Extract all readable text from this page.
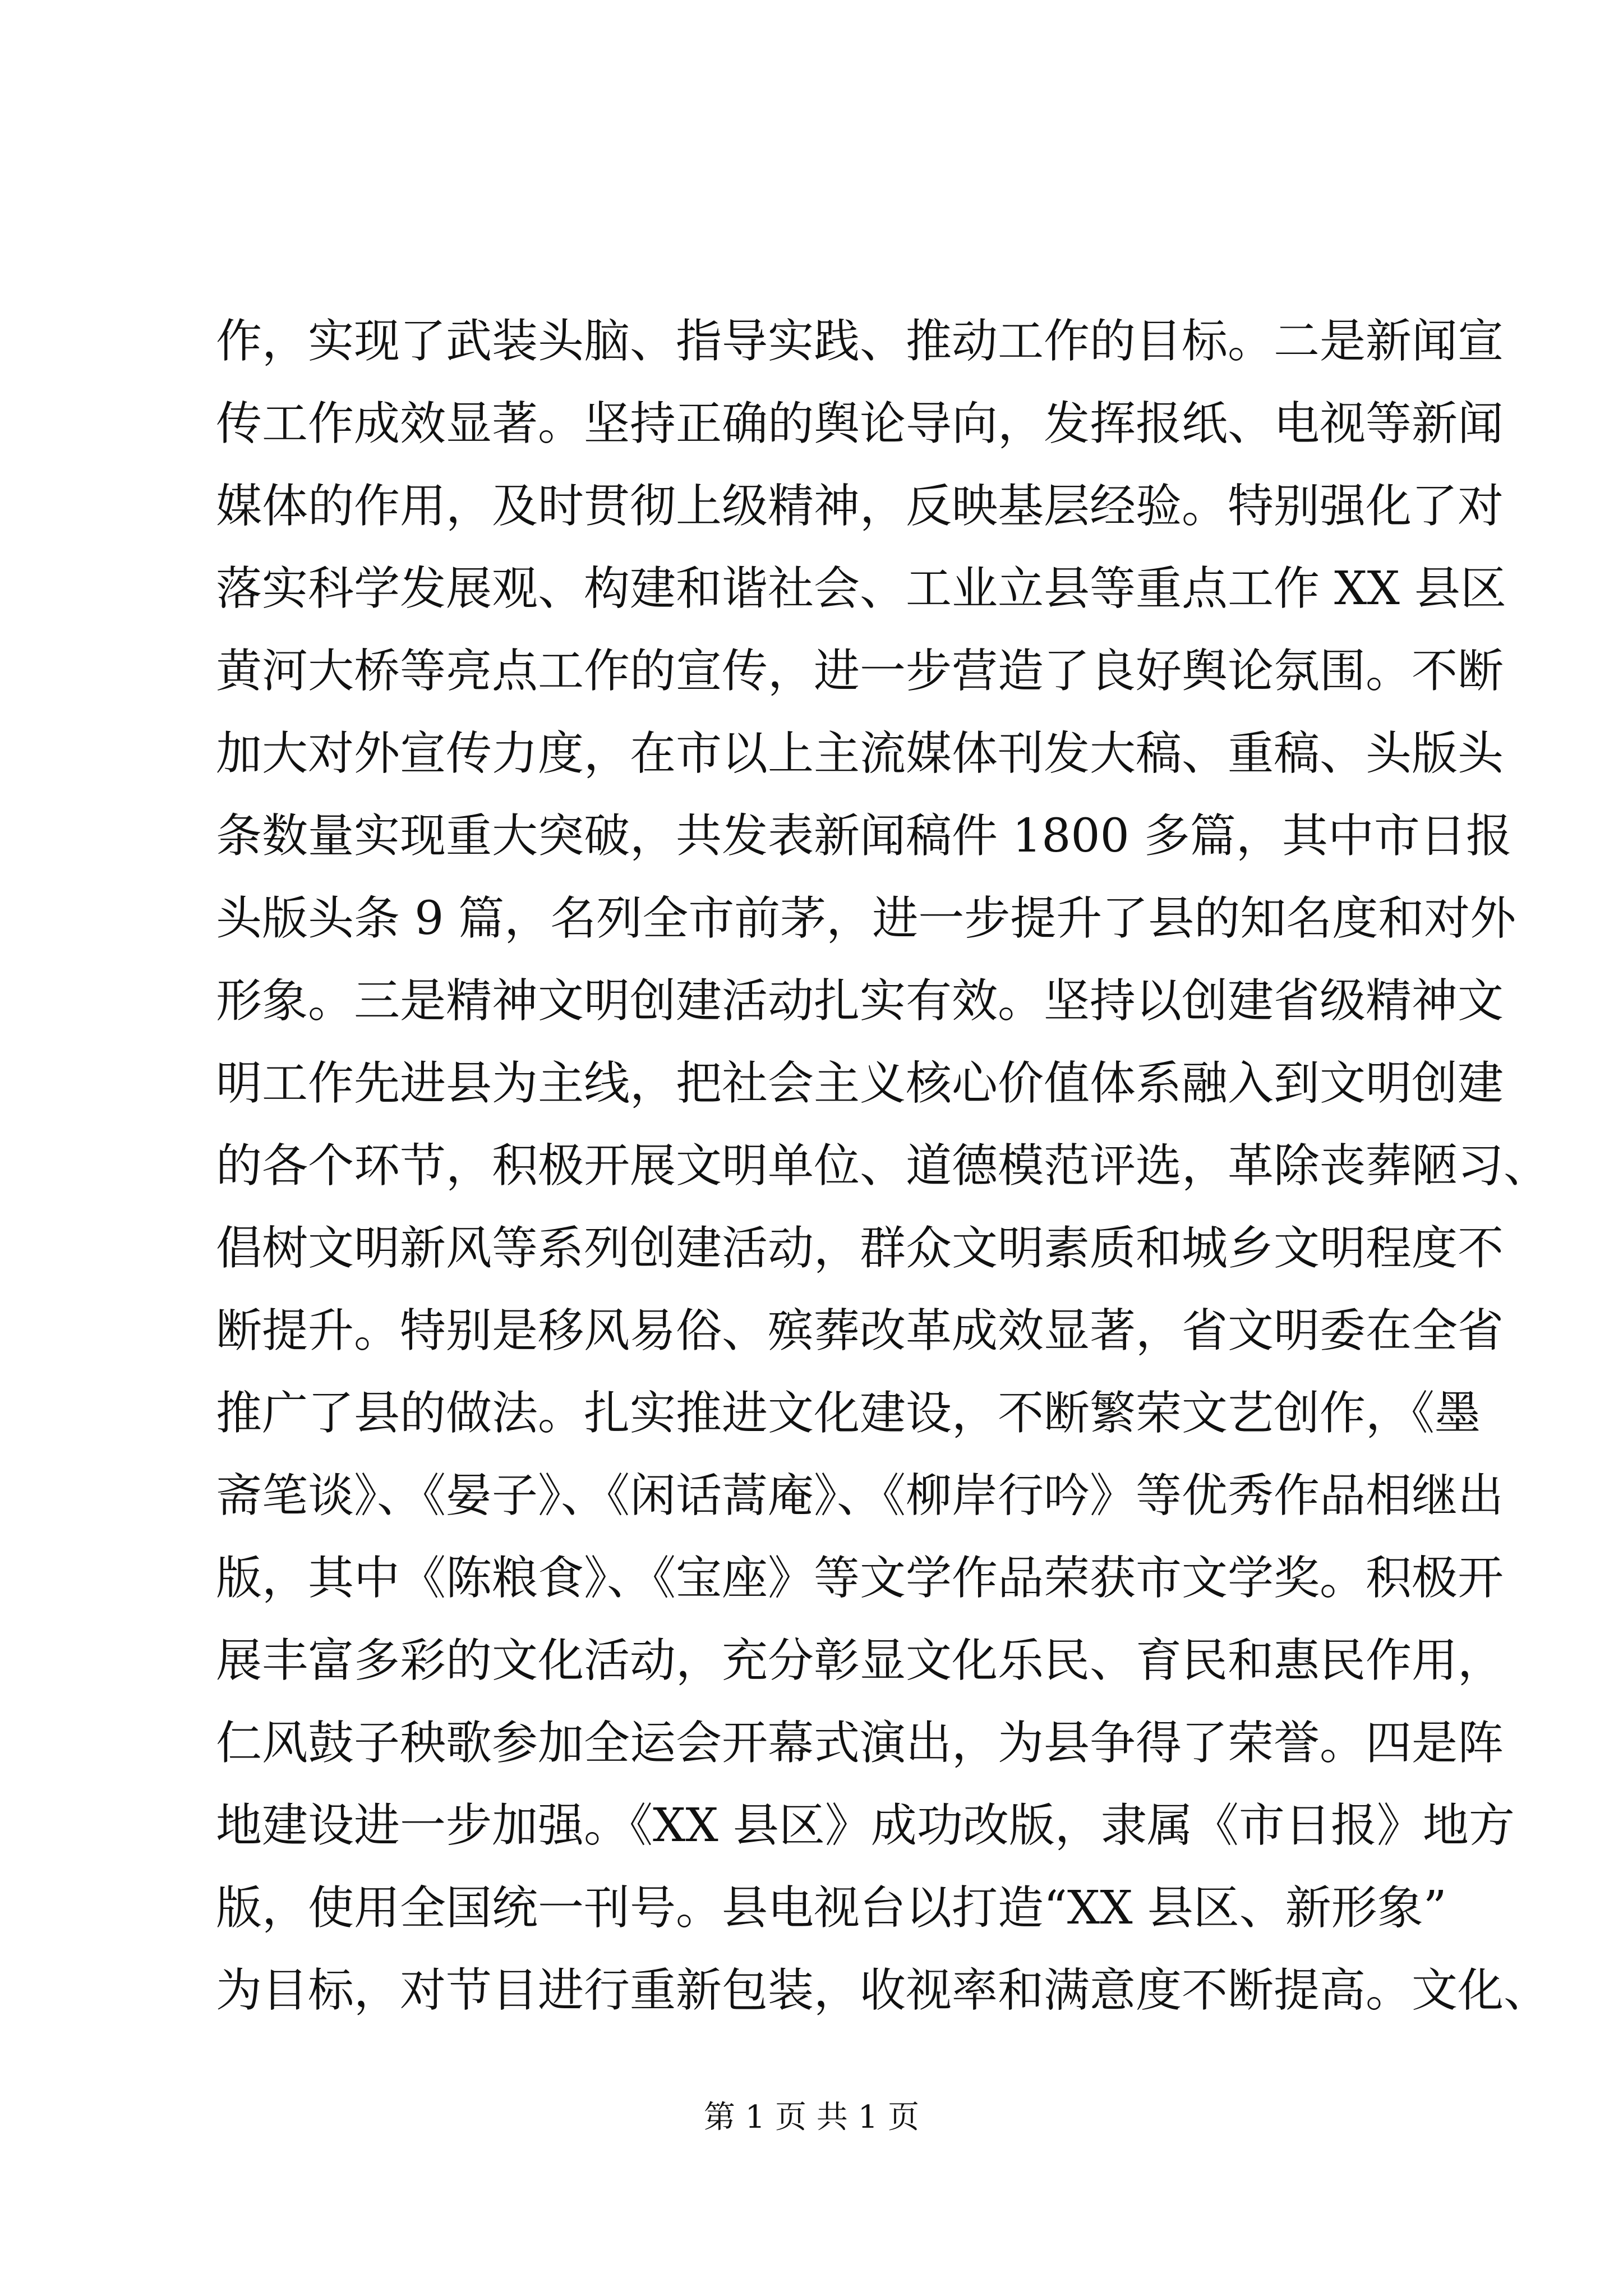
作，实现了武装头脑、指导实践、推动工作的目标。二是新闻宣
传工作成效显著。坚持正确的舆论导向，发挥报纸、电视等新闻
媒体的作用，及时贯彻上级精神，反映基层经验。特别强化了对
落实科学发展观、构建和谐社会、工业立县等重点工作 XX 县区
黄河大桥等亮点工作的宣传，进一步营造了良好舆论氛围。不断
加大对外宣传力度，在市以上主流媒体刊发大稿、重稿、头版头
条数量实现重大突破，共发表新闻稿件 1800 多篇，其中市日报
头版头条 9 篇，名列全市前茅，进一步提升了县的知名度和对外
形象。三是精神文明创建活动扎实有效。坚持以创建省级精神文
明工作先进县为主线，把社会主义核心价值体系融入到文明创建
的各个环节，积极开展文明单位、道德模范评选，革除丧葬陋习、
倡树文明新风等系列创建活动，群众文明素质和城乡文明程度不
断提升。特别是移风易俗、殡葬改革成效显著，省文明委在全省
推广了县的做法。扎实推进文化建设，不断繁荣文艺创作，《墨
斋笔谈》、《晏子》、《闲话蒿庵》、《柳岸行吟》等优秀作品相继出
版，其中《陈粮食》、《宝座》等文学作品荣获市文学奖。积极开
展丰富多彩的文化活动，充分彰显文化乐民、育民和惠民作用，
仁风鼓子秧歌参加全运会开幕式演出，为县争得了荣誉。四是阵
地建设进一步加强。《XX 县区》成功改版，隶属《市日报》地方
版，使用全国统一刊号。县电视台以打造“XX 县区、新形象”
为目标，对节目进行重新包装，收视率和满意度不断提高。文化、
第 1 页 共 1 页
